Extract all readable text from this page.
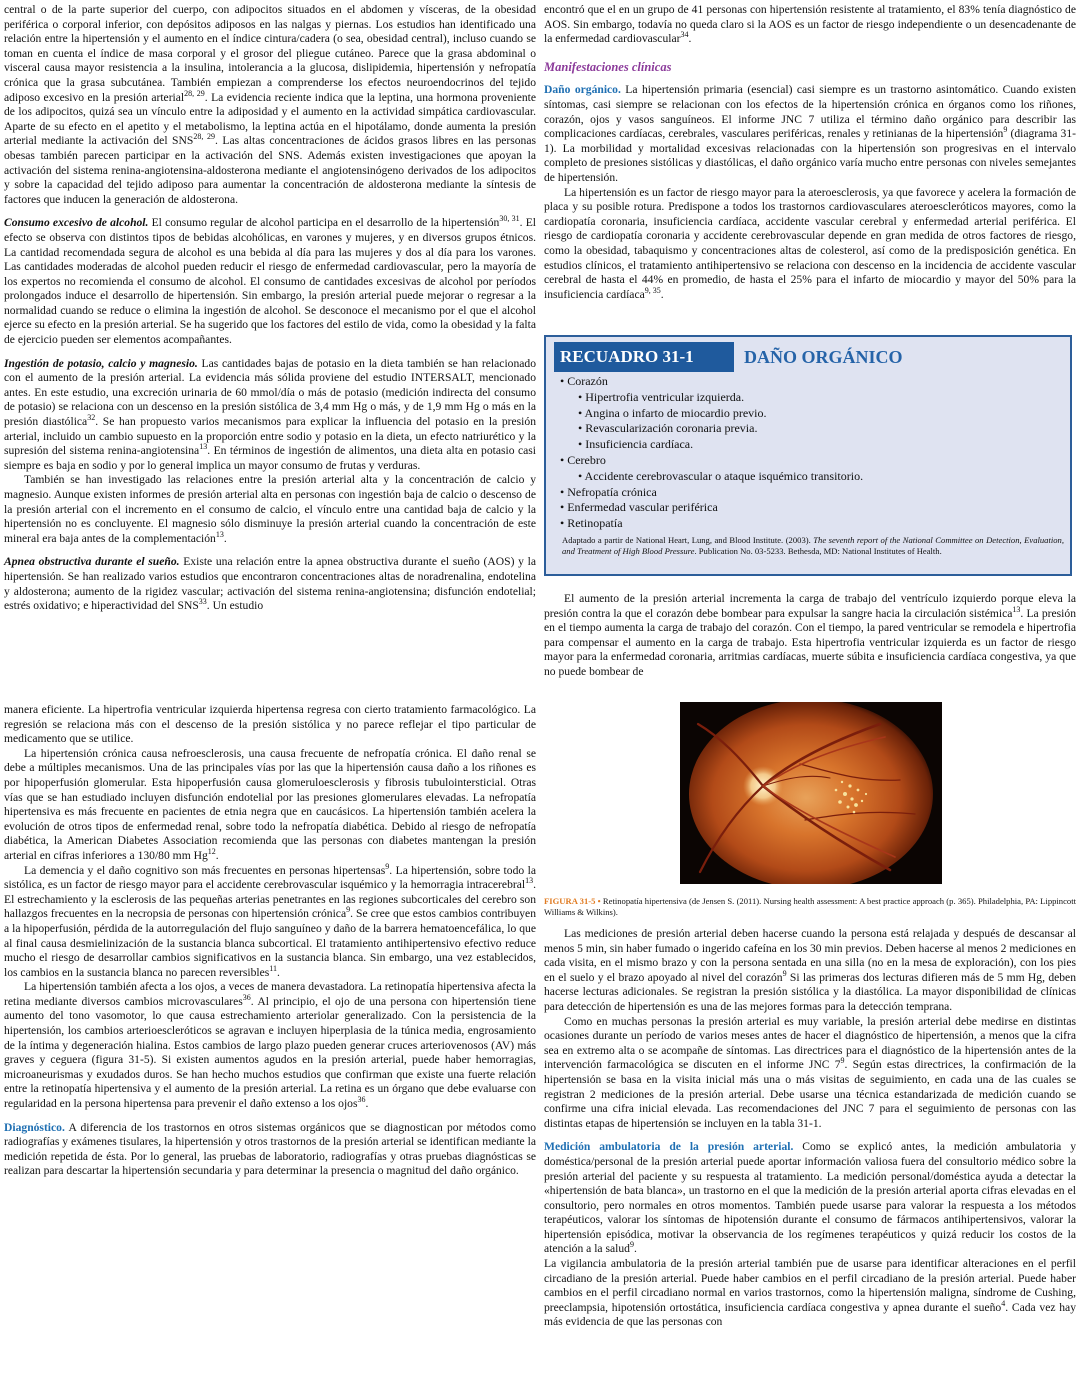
central o de la parte superior del cuerpo, con adipocitos situados en el abdomen y vísceras, de la obesidad periférica o corporal inferior, con depósitos adiposos en las nalgas y piernas. Los estudios han identificado una relación entre la hipertensión y el aumento en el índice cintura/cadera (o sea, obesidad central), incluso cuando se toman en cuenta el índice de masa corporal y el grosor del pliegue cutáneo. Parece que la grasa abdominal o visceral causa mayor resistencia a la insulina, intolerancia a la glucosa, dislipidemia, hipertensión y nefropatía crónica que la grasa subcutánea. También empiezan a comprenderse los efectos neuroendocrinos del tejido adiposo excesivo en la presión arterial$^{28, 29}$. La evidencia reciente indica que la leptina, una hormona proveniente de los adipocitos, quizá sea un vínculo entre la adiposidad y el aumento en la actividad simpática cardiovascular. Aparte de su efecto en el apetito y el metabolismo, la leptina actúa en el hipotálamo, donde aumenta la presión arterial mediante la activación del SNS$^{28, 29}$. Las altas concentraciones de ácidos grasos libres en las personas obesas también parecen participar en la activación del SNS. Además existen investigaciones que apoyan la activación del sistema renina-angiotensina-aldosterona mediante el angiotensinógeno derivados de los adipocitos y sobre la capacidad del tejido adiposo para aumentar la concentración de aldosterona mediante la síntesis de factores que inducen la generación de aldosterona.

Consumo excesivo de alcohol. El consumo regular de alcohol participa en el desarrollo de la hipertensión$^{30, 31}$. El efecto se observa con distintos tipos de bebidas alcohólicas, en varones y mujeres, y en diversos grupos étnicos. La cantidad recomendada segura de alcohol es una bebida al día para las mujeres y dos al día para los varones. Las cantidades moderadas de alcohol pueden reducir el riesgo de enfermedad cardiovascular, pero la mayoría de los expertos no recomienda el consumo de alcohol. El consumo de cantidades excesivas de alcohol por períodos prolongados induce el desarrollo de hipertensión. Sin embargo, la presión arterial puede mejorar o regresar a la normalidad cuando se reduce o elimina la ingestión de alcohol. Se desconoce el mecanismo por el que el alcohol ejerce su efecto en la presión arterial. Se ha sugerido que los factores del estilo de vida, como la obesidad y la falta de ejercicio pueden ser elementos acompañantes.

Ingestión de potasio, calcio y magnesio. Las cantidades bajas de potasio en la dieta también se han relacionado con el aumento de la presión arterial. La evidencia más sólida proviene del estudio INTERSALT, mencionado antes. En este estudio, una excreción urinaria de 60 mmol/día o más de potasio (medición indirecta del consumo de potasio) se relaciona con un descenso en la presión sistólica de 3,4 mm Hg o más, y de 1,9 mm Hg o más en la presión diastólica$^{32}$. Se han propuesto varios mecanismos para explicar la influencia del potasio en la presión arterial, incluido un cambio supuesto en la proporción entre sodio y potasio en la dieta, un efecto natriurético y la supresión del sistema renina-angiotensina$^{13}$. En términos de ingestión de alimentos, una dieta alta en potasio casi siempre es baja en sodio y por lo general implica un mayor consumo de frutas y verduras.

También se han investigado las relaciones entre la presión arterial alta y la concentración de calcio y magnesio. Aunque existen informes de presión arterial alta en personas con ingestión baja de calcio o descenso de la presión arterial con el incremento en el consumo de calcio, el vínculo entre una cantidad baja de calcio y la hipertensión no es concluyente. El magnesio sólo disminuye la presión arterial cuando la concentración de este mineral era baja antes de la complementación$^{13}$.

Apnea obstructiva durante el sueño. Existe una relación entre la apnea obstructiva durante el sueño (AOS) y la hipertensión. Se han realizado varios estudios que encontraron concentraciones altas de noradrenalina, endotelina y aldosterona; aumento de la rigidez vascular; activación del sistema renina-angiotensina; disfunción endotelial; estrés oxidativo; e hiperactividad del SNS$^{33}$. Un estudio

encontró que el en un grupo de 41 personas con hipertensión resistente al tratamiento, el 83% tenía diagnóstico de AOS. Sin embargo, todavía no queda claro si la AOS es un factor de riesgo independiente o un desencadenante de la enfermedad cardiovascular$^{34}$.

Manifestaciones clínicas

Daño orgánico. La hipertensión primaria (esencial) casi siempre es un trastorno asintomático. Cuando existen síntomas, casi siempre se relacionan con los efectos de la hipertensión crónica en órganos como los riñones, corazón, ojos y vasos sanguíneos. El informe JNC 7 utiliza el término daño orgánico para describir las complicaciones cardíacas, cerebrales, vasculares periféricas, renales y retinianas de la hipertensión$^9$ (diagrama 31-1). La morbilidad y mortalidad excesivas relacionadas con la hipertensión son progresivas en el intervalo completo de presiones sistólicas y diastólicas, el daño orgánico varía mucho entre personas con niveles semejantes de hipertensión.

La hipertensión es un factor de riesgo mayor para la ateroesclerosis, ya que favorece y acelera la formación de placa y su posible rotura. Predispone a todos los trastornos cardiovasculares ateroescleróticos mayores, como la cardiopatía coronaria, insuficiencia cardíaca, accidente vascular cerebral y enfermedad arterial periférica. El riesgo de cardiopatía coronaria y accidente cerebrovascular depende en gran medida de otros factores de riesgo, como la obesidad, tabaquismo y concentraciones altas de colesterol, así como de la predisposición genética. En estudios clínicos, el tratamiento antihipertensivo se relaciona con descenso en la incidencia de accidente vascular cerebral de hasta el 44% en promedio, de hasta el 25% para el infarto de miocardio y mayor del 50% para la insuficiencia cardíaca$^{9, 35}$.

RECUADRO 31-1	DAÑO ORGÁNICO
• Corazón
• Hipertrofia ventricular izquierda.
• Angina o infarto de miocardio previo.
• Revascularización coronaria previa.
• Insuficiencia cardíaca.
• Cerebro
• Accidente cerebrovascular o ataque isquémico transitorio.
• Nefropatía crónica
• Enfermedad vascular periférica
• Retinopatía
Adaptado a partir de National Heart, Lung, and Blood Institute. (2003). The seventh report of the National Committee on Detection, Evaluation, and Treatment of High Blood Pressure. Publication No. 03-5233. Bethesda, MD: National Institutes of Health.

El aumento de la presión arterial incrementa la carga de trabajo del ventrículo izquierdo porque eleva la presión contra la que el corazón debe bombear para expulsar la sangre hacia la circulación sistémica$^{13}$. La presión en el tiempo aumenta la carga de trabajo del corazón. Con el tiempo, la pared ventricular se remodela e hipertrofia para compensar el aumento en la carga de trabajo. Esta hipertrofia ventricular izquierda es un factor de riesgo mayor para la enfermedad coronaria, arritmias cardíacas, muerte súbita e insuficiencia cardíaca congestiva, ya que no puede bombear de

manera eficiente. La hipertrofia ventricular izquierda hipertensa regresa con cierto tratamiento farmacológico. La regresión se relaciona más con el descenso de la presión sistólica y no parece reflejar el tipo particular de medicamento que se utilice.

La hipertensión crónica causa nefroesclerosis, una causa frecuente de nefropatía crónica. El daño renal se debe a múltiples mecanismos. Una de las principales vías por las que la hipertensión causa daño a los riñones es por hipoperfusión glomerular. Esta hipoperfusión causa glomeruloesclerosis y fibrosis tubulointersticial. Otras vías que se han estudiado incluyen disfunción endotelial por las presiones glomerulares elevadas. La nefropatía hipertensiva es más frecuente en pacientes de etnia negra que en caucásicos. La hipertensión también acelera la evolución de otros tipos de enfermedad renal, sobre todo la nefropatía diabética. Debido al riesgo de nefropatía diabética, la American Diabetes Association recomienda que las personas con diabetes mantengan la presión arterial en cifras inferiores a 130/80 mm Hg$^{12}$.

La demencia y el daño cognitivo son más frecuentes en personas hipertensas$^9$. La hipertensión, sobre todo la sistólica, es un factor de riesgo mayor para el accidente cerebrovascular isquémico y la hemorragia intracerebral$^{13}$. El estrechamiento y la esclerosis de las pequeñas arterias penetrantes en las regiones subcorticales del cerebro son hallazgos frecuentes en la necropsia de personas con hipertensión crónica$^9$. Se cree que estos cambios contribuyen a la hipoperfusión, pérdida de la autorregulación del flujo sanguíneo y daño de la barrera hematoencefálica, lo que al final causa desmielinización de la sustancia blanca subcortical. El tratamiento antihipertensivo efectivo reduce mucho el riesgo de desarrollar cambios significativos en la sustancia blanca. Sin embargo, una vez establecidos, los cambios en la sustancia blanca no parecen reversibles$^{11}$.

La hipertensión también afecta a los ojos, a veces de manera devastadora. La retinopatía hipertensiva afecta la retina mediante diversos cambios microvasculares$^{36}$. Al principio, el ojo de una persona con hipertensión tiene aumento del tono vasomotor, lo que causa estrechamiento arteriolar generalizado. Con la persistencia de la hipertensión, los cambios arterioescleróticos se agravan e incluyen hiperplasia de la túnica media, engrosamiento de la íntima y degeneración hialina. Estos cambios de largo plazo pueden generar cruces arteriovenosos (AV) más graves y ceguera (figura 31-5). Si existen aumentos agudos en la presión arterial, puede haber hemorragias, microaneurismas y exudados duros. Se han hecho muchos estudios que confirman que existe una fuerte relación entre la retinopatía hipertensiva y el aumento de la presión arterial. La retina es un órgano que debe evaluarse con regularidad en la persona hipertensa para prevenir el daño extenso a los ojos$^{36}$.

Diagnóstico. A diferencia de los trastornos en otros sistemas orgánicos que se diagnostican por métodos como radiografías y exámenes tisulares, la hipertensión y otros trastornos de la presión arterial se identifican mediante la medición repetida de ésta. Por lo general, las pruebas de laboratorio, radiografías y otras pruebas diagnósticas se realizan para descartar la hipertensión secundaria y para determinar la presencia o magnitud del daño orgánico.

FIGURA 31-5 • Retinopatía hipertensiva (de Jensen S. (2011). Nursing health assessment: A best practice approach (p. 365). Philadelphia, PA: Lippincott Williams & Wilkins).

Las mediciones de presión arterial deben hacerse cuando la persona está relajada y después de descansar al menos 5 min, sin haber fumado o ingerido cafeína en los 30 min previos. Deben hacerse al menos 2 mediciones en cada visita, en el mismo brazo y con la persona sentada en una silla (no en la mesa de exploración), con los pies en el suelo y el brazo apoyado al nivel del corazón$^9$ Si las primeras dos lecturas difieren más de 5 mm Hg, deben hacerse lecturas adicionales. Se registran la presión sistólica y la diastólica. La mayor disponibilidad de clínicas para detección de hipertensión es una de las mejores formas para la detección temprana.

Como en muchas personas la presión arterial es muy variable, la presión arterial debe medirse en distintas ocasiones durante un período de varios meses antes de hacer el diagnóstico de hipertensión, a menos que la cifra sea en extremo alta o se acompañe de síntomas. Las directrices para el diagnóstico de la hipertensión antes de la intervención farmacológica se discuten en el informe JNC $7^9$. Según estas directrices, la confirmación de la hipertensión se basa en la visita inicial más una o más visitas de seguimiento, en cada una de las cuales se registran 2 mediciones de la presión arterial. Debe usarse una técnica estandarizada de medición cuando se confirme una cifra inicial elevada. Las recomendaciones del JNC 7 para el seguimiento de personas con las distintas etapas de hipertensión se incluyen en la tabla 31-1.

Medición ambulatoria de la presión arterial. Como se explicó antes, la medición ambulatoria y doméstica/personal de la presión arterial puede aportar información valiosa fuera del consultorio médico sobre la presión arterial del paciente y su respuesta al tratamiento. La medición personal/doméstica ayuda a detectar la «hipertensión de bata blanca», un trastorno en el que la medición de la presión arterial aporta cifras elevadas en el consultorio, pero normales en otros momentos. También puede usarse para valorar la respuesta a los métodos terapéuticos, valorar los síntomas de hipotensión durante el consumo de fármacos antihipertensivos, valorar la hipertensión episódica, motivar la observancia de los regímenes terapéuticos y quizá reducir los costos de la atención a la salud$^9$.

La vigilancia ambulatoria de la presión arterial también pue de usarse para identificar alteraciones en el perfil circadiano de la presión arterial. Puede haber cambios en el perfil circadiano de la presión arterial. Puede haber cambios en el perfil circadiano normal en varios trastornos, como la hipertensión maligna, síndrome de Cushing, preeclampsia, hipotensión ortostática, insuficiencia cardíaca congestiva y apnea durante el sueño$^4$. Cada vez hay más evidencia de que las personas con
